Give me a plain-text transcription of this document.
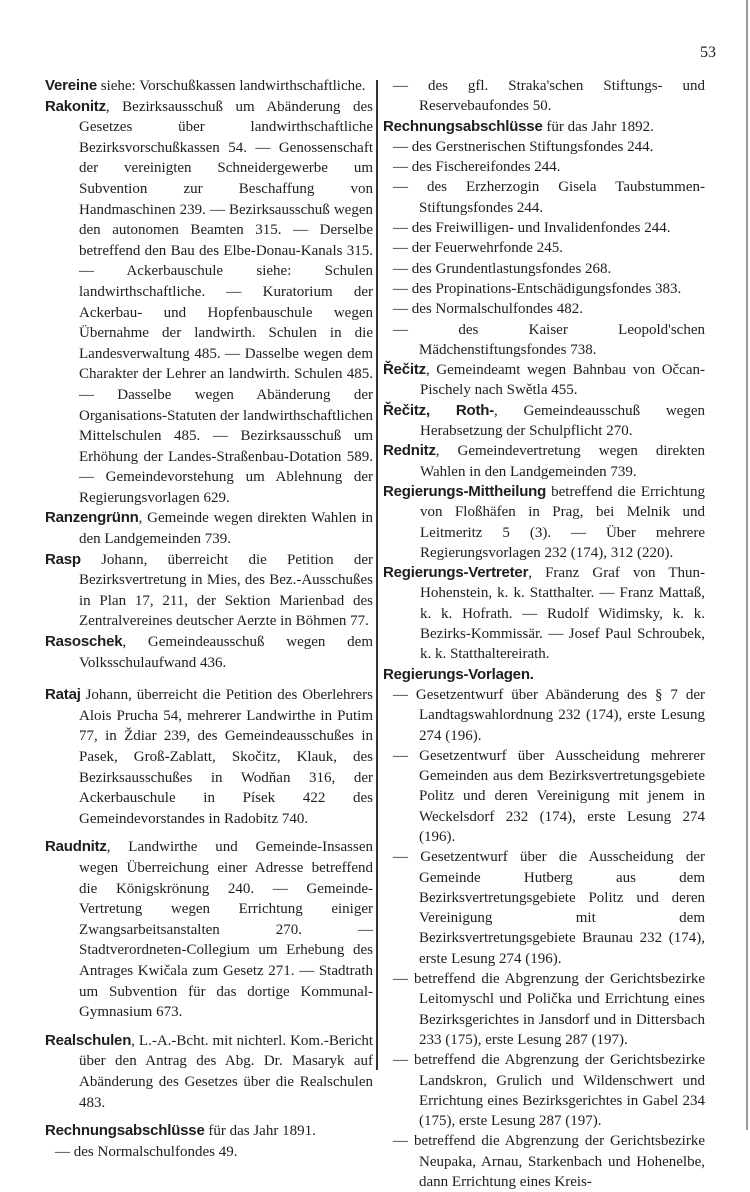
53
Vereine siehe: Vorschußkassen landwirthschaftliche.
Rakonitz, Bezirksausschuß um Abänderung des Gesetzes über landwirthschaftliche Bezirksvorschußkassen 54. — Genossenschaft der vereinigten Schneidergewerbe um Subvention zur Beschaffung von Handmaschinen 239. — Bezirksausschuß wegen den autonomen Beamten 315. — Derselbe betreffend den Bau des Elbe-Donau-Kanals 315. — Ackerbauschule siehe: Schulen landwirthschaftliche. — Kuratorium der Ackerbau- und Hopfenbauschule wegen Übernahme der landwirth. Schulen in die Landesverwaltung 485. — Dasselbe wegen dem Charakter der Lehrer an landwirth. Schulen 485. — Dasselbe wegen Abänderung der Organisations-Statuten der landwirthschaftlichen Mittelschulen 485. — Bezirksausschuß um Erhöhung der Landes-Straßenbau-Dotation 589. — Gemeindevorstehung um Ablehnung der Regierungsvorlagen 629.
Ranzengrünn, Gemeinde wegen direkten Wahlen in den Landgemeinden 739.
Rasp Johann, überreicht die Petition der Bezirksvertretung in Mies, des Bez.-Ausschußes in Plan 17, 211, der Sektion Marienbad des Zentralvereines deutscher Aerzte in Böhmen 77.
Rasoschek, Gemeindeausschuß wegen dem Volksschulaufwand 436.
Rataj Johann, überreicht die Petition des Oberlehrers Alois Prucha 54, mehrerer Landwirthe in Putim 77, in Ždiar 239, des Gemeindeausschußes in Pasek, Groß-Zablatt, Skočitz, Klauk, des Bezirksausschußes in Wodňan 316, der Ackerbauschule in Písek 422 des Gemeindevorstandes in Radobitz 740.
Raudnitz, Landwirthe und Gemeinde-Insassen wegen Überreichung einer Adresse betreffend die Königskrönung 240. — Gemeinde-Vertretung wegen Errichtung einiger Zwangsarbeitsanstalten 270. — Stadtverordneten-Collegium um Erhebung des Antrages Kwičala zum Gesetz 271. — Stadtrath um Subvention für das dortige Kommunal-Gymnasium 673.
Realschulen, L.-A.-Bcht. mit nichterl. Kom.-Bericht über den Antrag des Abg. Dr. Masaryk auf Abänderung des Gesetzes über die Realschulen 483.
Rechnungsabschlüsse für das Jahr 1891.
— des Normalschulfondes 49.
— des gfl. Straka'schen Stiftungs- und Reservebaufondes 50.
Rechnungsabschlüsse für das Jahr 1892.
— des Gerstnerischen Stiftungsfondes 244.
— des Fischereifondes 244.
— des Erzherzogin Gisela Taubstummen-Stiftungsfondes 244.
— des Freiwilligen- und Invalidenfondes 244.
— der Feuerwehrfonde 245.
— des Grundentlastungsfondes 268.
— des Propinations-Entschädigungsfondes 383.
— des Normalschulfondes 482.
— des Kaiser Leopold'schen Mädchenstiftungsfondes 738.
Řečitz, Gemeindeamt wegen Bahnbau von Očcan-Pischely nach Swětla 455.
Řečitz, Roth-, Gemeindeausschuß wegen Herabsetzung der Schulpflicht 270.
Rednitz, Gemeindevertretung wegen direkten Wahlen in den Landgemeinden 739.
Regierungs-Mittheilung betreffend die Errichtung von Floßhäfen in Prag, bei Melnik und Leitmeritz 5 (3). — Über mehrere Regierungsvorlagen 232 (174), 312 (220).
Regierungs-Vertreter, Franz Graf von Thun-Hohenstein, k. k. Statthalter. — Franz Mattaß, k. k. Hofrath. — Rudolf Widimsky, k. k. Bezirks-Kommissär. — Josef Paul Schroubek, k. k. Statthaltereirath.
Regierungs-Vorlagen.
— Gesetzentwurf über Abänderung des § 7 der Landtagswahlordnung 232 (174), erste Lesung 274 (196).
— Gesetzentwurf über Ausscheidung mehrerer Gemeinden aus dem Bezirksvertretungsgebiete Politz und deren Vereinigung mit jenem in Weckelsdorf 232 (174), erste Lesung 274 (196).
— Gesetzentwurf über die Ausscheidung der Gemeinde Hutberg aus dem Bezirksvertretungsgebiete Politz und deren Vereinigung mit dem Bezirksvertretungsgebiete Braunau 232 (174), erste Lesung 274 (196).
— betreffend die Abgrenzung der Gerichtsbezirke Leitomyschl und Polička und Errichtung eines Bezirksgerichtes in Jansdorf und in Dittersbach 233 (175), erste Lesung 287 (197).
— betreffend die Abgrenzung der Gerichtsbezirke Landskron, Grulich und Wildenschwert und Errichtung eines Bezirksgerichtes in Gabel 234 (175), erste Lesung 287 (197).
— betreffend die Abgrenzung der Gerichtsbezirke Neupaka, Arnau, Starkenbach und Hohenelbe, dann Errichtung eines Kreis-
